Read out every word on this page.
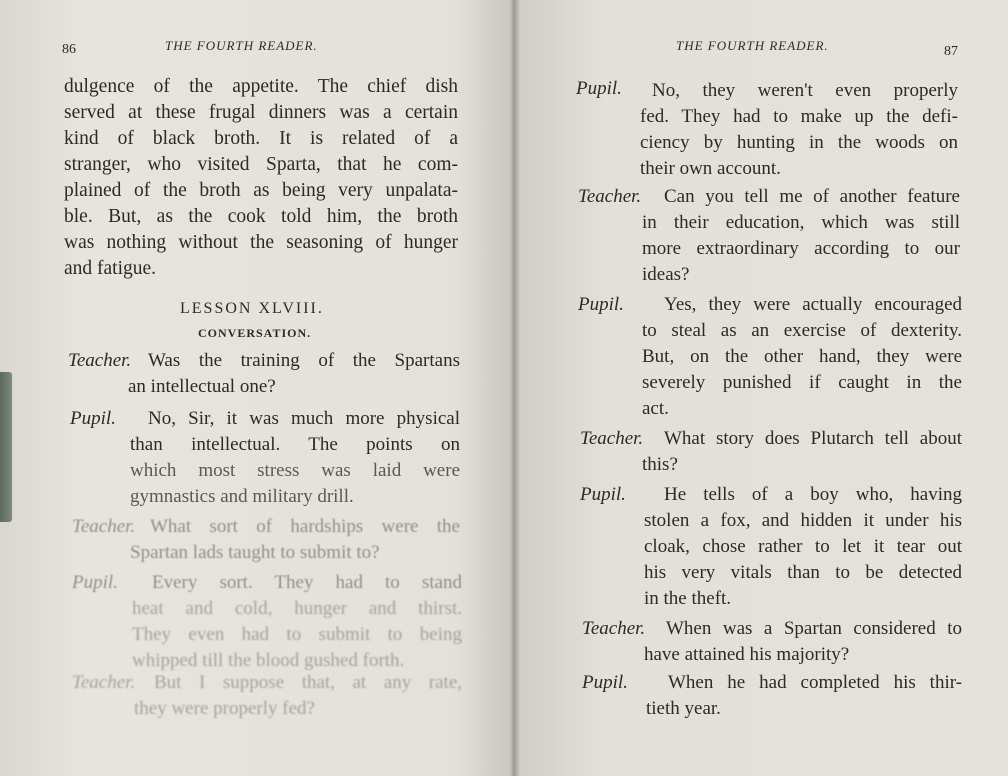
86	THE FOURTH READER.
dulgence of the appetite. The chief dish
served at these frugal dinners was a certain
kind of black broth. It is related of a
stranger, who visited Sparta, that he com-
plained of the broth as being very unpalata-
ble. But, as the cook told him, the broth
was nothing without the seasoning of hunger
and fatigue.
LESSON XLVIII.
CONVERSATION.
Teacher. Was the training of the Spartans
an intellectual one?
Pupil. No, Sir, it was much more physical
than intellectual. The points on
which most stress was laid were
gymnastics and military drill.
Teacher. What sort of hardships were the
Spartan lads taught to submit to?
Pupil. Every sort. They had to stand
heat and cold, hunger and thirst.
They even had to submit to being
whipped till the blood gushed forth.
Teacher. But I suppose that, at any rate,
they were properly fed?
THE FOURTH READER.	87
Pupil. No, they weren't even properly
fed. They had to make up the defi-
ciency by hunting in the woods on
their own account.
Teacher. Can you tell me of another feature
in their education, which was still
more extraordinary according to our
ideas?
Pupil. Yes, they were actually encouraged
to steal as an exercise of dexterity.
But, on the other hand, they were
severely punished if caught in the
act.
Teacher. What story does Plutarch tell about
this?
Pupil. He tells of a boy who, having
stolen a fox, and hidden it under his
cloak, chose rather to let it tear out
his very vitals than to be detected
in the theft.
Teacher. When was a Spartan considered to
have attained his majority?
Pupil. When he had completed his thir-
tieth year.
